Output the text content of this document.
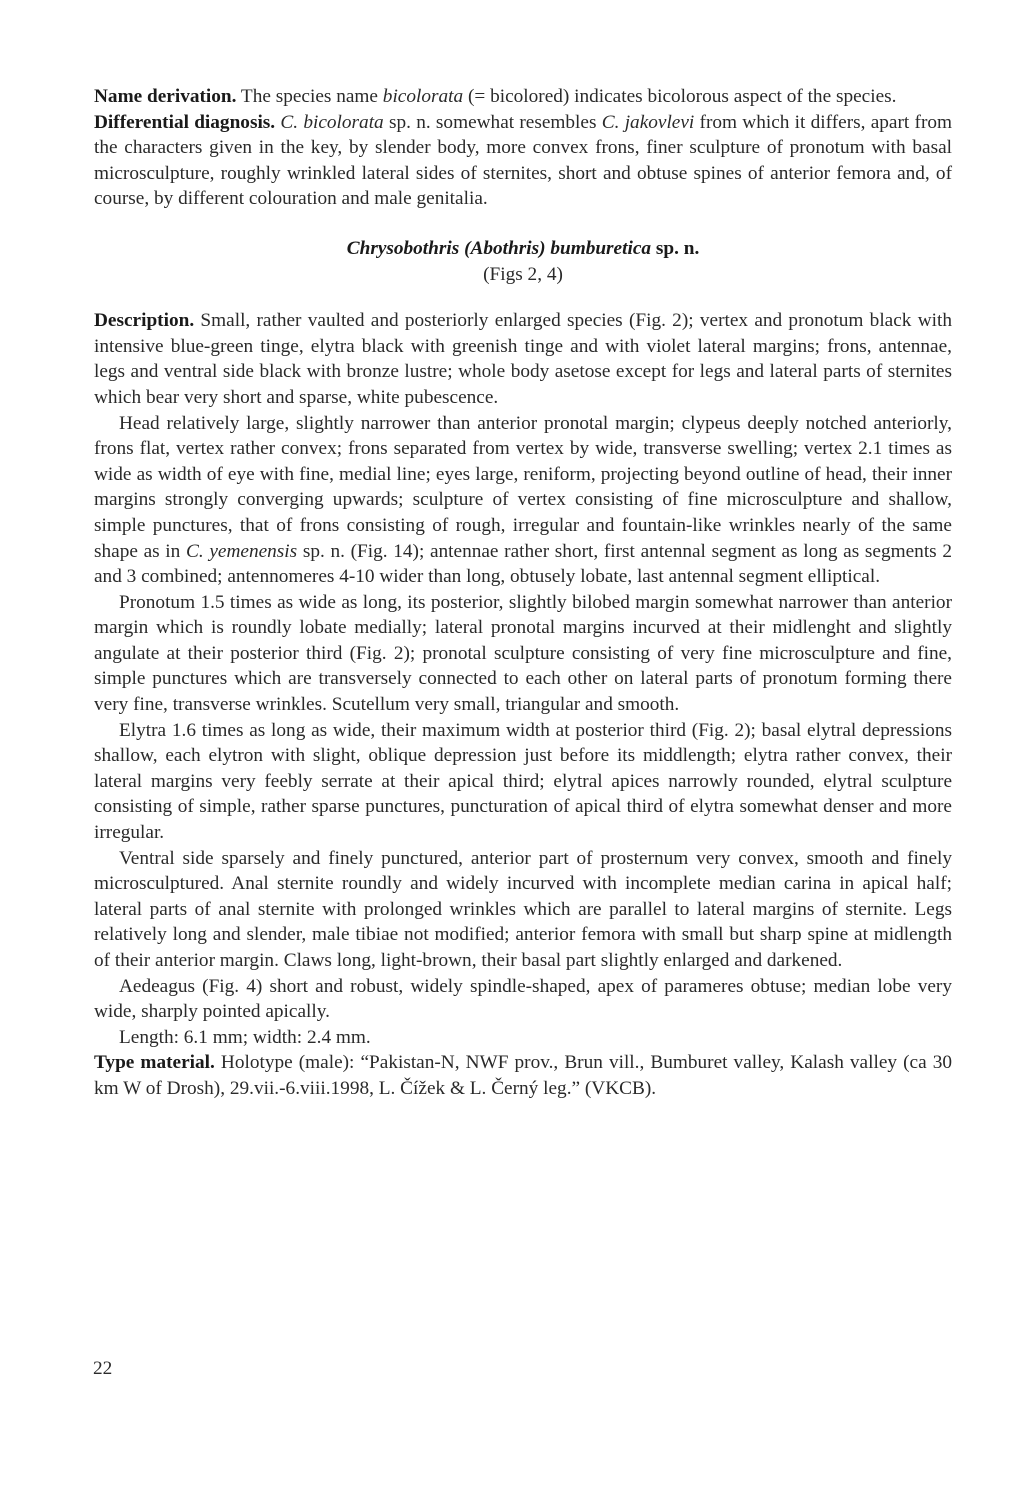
Name derivation. The species name bicolorata (= bicolored) indicates bicolorous aspect of the species.

Differential diagnosis. C. bicolorata sp. n. somewhat resembles C. jakovlevi from which it differs, apart from the characters given in the key, by slender body, more convex frons, finer sculpture of pronotum with basal microsculpture, roughly wrinkled lateral sides of sternites, short and obtuse spines of anterior femora and, of course, by different colouration and male genitalia.

Chrysobothris (Abothris) bumburetica sp. n.

(Figs 2, 4)

Description. Small, rather vaulted and posteriorly enlarged species (Fig. 2); vertex and pronotum black with intensive blue-green tinge, elytra black with greenish tinge and with violet lateral margins; frons, antennae, legs and ventral side black with bronze lustre; whole body asetose except for legs and lateral parts of sternites which bear very short and sparse, white pubescence.

Head relatively large, slightly narrower than anterior pronotal margin; clypeus deeply notched anteriorly, frons flat, vertex rather convex; frons separated from vertex by wide, transverse swelling; vertex 2.1 times as wide as width of eye with fine, medial line; eyes large, reniform, projecting beyond outline of head, their inner margins strongly converging upwards; sculpture of vertex consisting of fine microsculpture and shallow, simple punctures, that of frons consisting of rough, irregular and fountain-like wrinkles nearly of the same shape as in C. yemenensis sp. n. (Fig. 14); antennae rather short, first antennal segment as long as segments 2 and 3 combined; antennomeres 4-10 wider than long, obtusely lobate, last antennal segment elliptical.

Pronotum 1.5 times as wide as long, its posterior, slightly bilobed margin somewhat narrower than anterior margin which is roundly lobate medially; lateral pronotal margins incurved at their midlenght and slightly angulate at their posterior third (Fig. 2); pronotal sculpture consisting of very fine microsculpture and fine, simple punctures which are transversely connected to each other on lateral parts of pronotum forming there very fine, transverse wrinkles. Scutellum very small, triangular and smooth.

Elytra 1.6 times as long as wide, their maximum width at posterior third (Fig. 2); basal elytral depressions shallow, each elytron with slight, oblique depression just before its middlength; elytra rather convex, their lateral margins very feebly serrate at their apical third; elytral apices narrowly rounded, elytral sculpture consisting of simple, rather sparse punctures, puncturation of apical third of elytra somewhat denser and more irregular.

Ventral side sparsely and finely punctured, anterior part of prosternum very convex, smooth and finely microsculptured. Anal sternite roundly and widely incurved with incomplete median carina in apical half; lateral parts of anal sternite with prolonged wrinkles which are parallel to lateral margins of sternite. Legs relatively long and slender, male tibiae not modified; anterior femora with small but sharp spine at midlength of their anterior margin. Claws long, light-brown, their basal part slightly enlarged and darkened.

Aedeagus (Fig. 4) short and robust, widely spindle-shaped, apex of parameres obtuse; median lobe very wide, sharply pointed apically.

Length: 6.1 mm; width: 2.4 mm.

Type material. Holotype (male): “Pakistan-N, NWF prov., Brun vill., Bumburet valley, Kalash valley (ca 30 km W of Drosh), 29.vii.-6.viii.1998, L. Čížek & L. Černý leg.” (VKCB).

22
